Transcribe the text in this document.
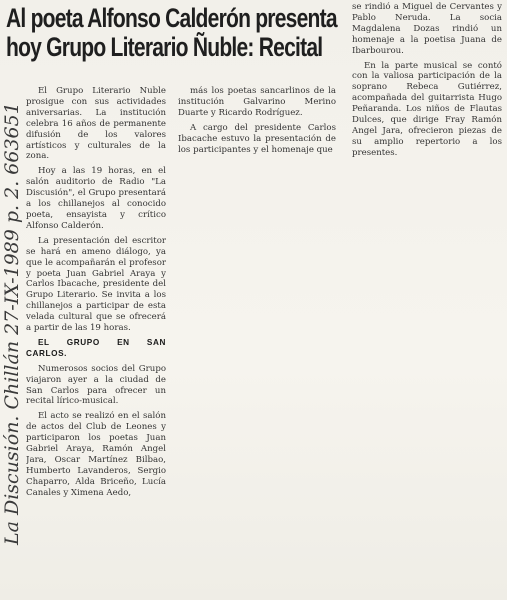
Al poeta Alfonso Calderón presenta
hoy Grupo Literario Ñuble: Recital
La Discusión. Chillán 27-IX-1989 p. 2. 663651

El Grupo Literario Ñuble prosigue con sus actividades aniversarias. La institución celebra 16 años de permanente difusión de los valores artísticos y culturales de la zona.

Hoy a las 19 horas, en el salón auditorio de Radio "La Discusión", el Grupo presentará a los chillanejos al conocido poeta, ensayista y crítico Alfonso Calderón.

La presentación del escritor se hará en ameno diálogo, ya que le acompañarán el profesor y poeta Juan Gabriel Araya y Carlos Ibacache, presidente del Grupo Literario. Se invita a los chillanejos a participar de esta velada cultural que se ofrecerá a partir de las 19 horas.

EL GRUPO EN SAN CARLOS.

Numerosos socios del Grupo viajaron ayer a la ciudad de San Carlos para ofrecer un recital lírico-musical.

El acto se realizó en el salón de actos del Club de Leones y participaron los poetas Juan Gabriel Araya, Ramón Angel Jara, Oscar Martínez Bilbao, Humberto Lavanderos, Sergio Chaparro, Alda Briceño, Lucía Canales y Ximena Aedo,

más los poetas sancarlinos de la institución Galvarino Merino Duarte y Ricardo Rodríguez.

A cargo del presidente Carlos Ibacache estuvo la presentación de los participantes y el homenaje que

se rindió a Miguel de Cervantes y Pablo Neruda. La socia Magdalena Dozas rindió un homenaje a la poetisa Juana de Ibarbourou.

En la parte musical se contó con la valiosa participación de la soprano Rebeca Gutiérrez, acompañada del guitarrista Hugo Peñaranda. Los niños de Flautas Dulces, que dirige Fray Ramón Angel Jara, ofrecieron piezas de su amplio repertorio a los presentes.
